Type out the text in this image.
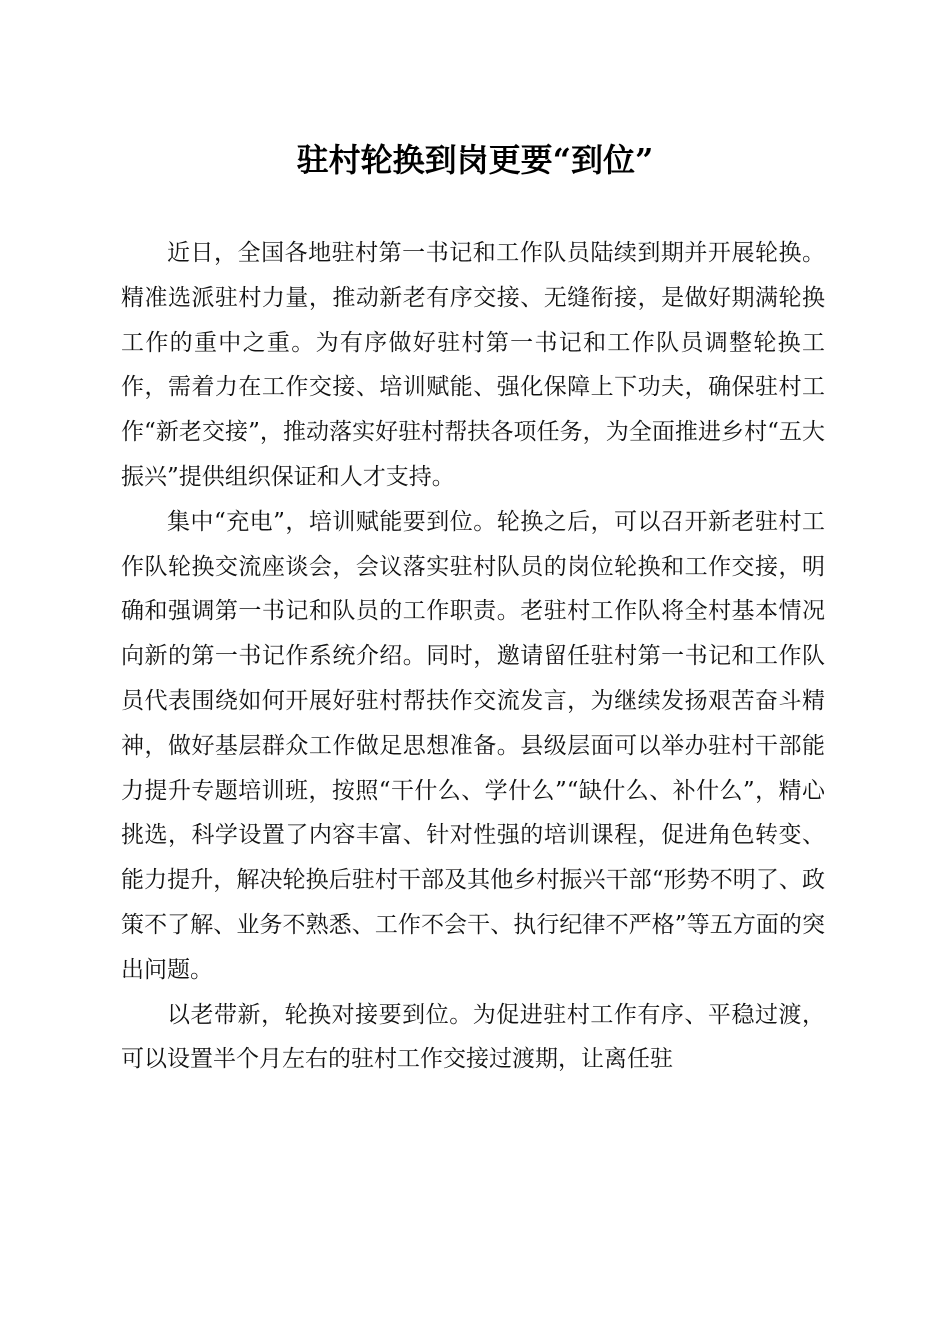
驻村轮换到岗更要“到位”

近日，全国各地驻村第一书记和工作队员陆续到期并开展轮换。精准选派驻村力量，推动新老有序交接、无缝衔接，是做好期满轮换工作的重中之重。为有序做好驻村第一书记和工作队员调整轮换工作，需着力在工作交接、培训赋能、强化保障上下功夫，确保驻村工作“新老交接”，推动落实好驻村帮扶各项任务，为全面推进乡村“五大振兴”提供组织保证和人才支持。

集中“充电”，培训赋能要到位。轮换之后，可以召开新老驻村工作队轮换交流座谈会，会议落实驻村队员的岗位轮换和工作交接，明确和强调第一书记和队员的工作职责。老驻村工作队将全村基本情况向新的第一书记作系统介绍。同时，邀请留任驻村第一书记和工作队员代表围绕如何开展好驻村帮扶作交流发言，为继续发扬艰苦奋斗精神，做好基层群众工作做足思想准备。县级层面可以举办驻村干部能力提升专题培训班，按照“干什么、学什么”“缺什么、补什么”，精心挑选，科学设置了内容丰富、针对性强的培训课程，促进角色转变、能力提升，解决轮换后驻村干部及其他乡村振兴干部“形势不明了、政策不了解、业务不熟悉、工作不会干、执行纪律不严格”等五方面的突出问题。

以老带新，轮换对接要到位。为促进驻村工作有序、平稳过渡，可以设置半个月左右的驻村工作交接过渡期，让离任驻
